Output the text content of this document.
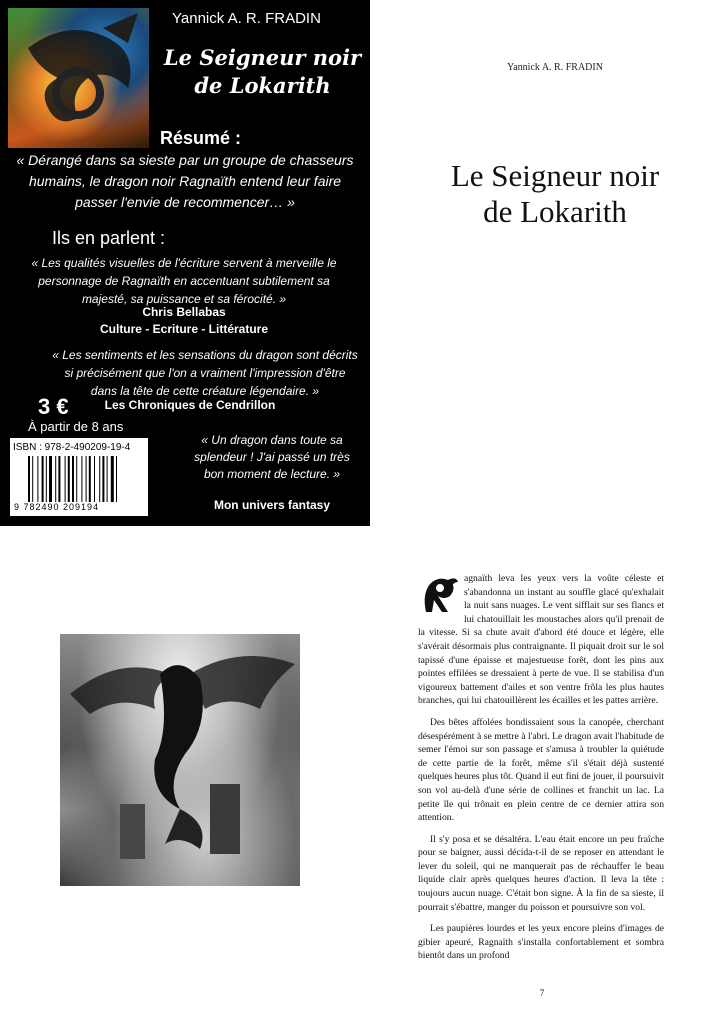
Yannick A. R. FRADIN
Le Seigneur noir
de Lokarith
Résumé :
« Dérangé dans sa sieste par un groupe de chasseurs humains, le dragon noir Ragnaïth entend leur faire passer l'envie de recommencer… »
Ils en parlent :
« Les qualités visuelles de l'écriture servent à merveille le personnage de Ragnaïth en accentuant subtilement sa majesté, sa puissance et sa férocité. »
Chris Bellabas
Culture - Ecriture - Littérature
« Les sentiments et les sensations du dragon sont décrits si précisément que l'on a vraiment l'impression d'être dans la tête de cette créature légendaire. »
Les Chroniques de Cendrillon
3 €
À partir de 8 ans
« Un dragon dans toute sa splendeur ! J'ai passé un très bon moment de lecture. »
Mon univers fantasy
ISBN : 978-2-490209-19-4
9 782490 209194
Yannick A. R. FRADIN
Le Seigneur noir
de Lokarith

agnaïth leva les yeux vers la voûte céleste et s'abandonna un instant au souffle glacé qu'exhalait la nuit sans nuages. Le vent sifflait sur ses flancs et lui chatouillait les moustaches alors qu'il prenait de la vitesse. Si sa chute avait d'abord été douce et légère, elle s'avérait désormais plus contraignante. Il piquait droit sur le sol tapissé d'une épaisse et majestueuse forêt, dont les pins aux pointes effilées se dressaient à perte de vue. Il se stabilisa d'un vigoureux battement d'ailes et son ventre frôla les plus hautes branches, qui lui chatouillèrent les écailles et les pattes arrière.

Des bêtes affolées bondissaient sous la canopée, cherchant désespérément à se mettre à l'abri. Le dragon avait l'habitude de semer l'émoi sur son passage et s'amusa à troubler la quiétude de cette partie de la forêt, même s'il s'était déjà sustenté quelques heures plus tôt. Quand il eut fini de jouer, il poursuivit son vol au-delà d'une série de collines et franchit un lac. La petite île qui trônait en plein centre de ce dernier attira son attention.

Il s'y posa et se désaltéra. L'eau était encore un peu fraîche pour se baigner, aussi décida-t-il de se reposer en attendant le lever du soleil, qui ne manquerait pas de réchauffer le beau liquide clair après quelques heures d'action. Il leva la tête : toujours aucun nuage. C'était bon signe. À la fin de sa sieste, il pourrait s'ébattre, manger du poisson et poursuivre son vol.

Les paupières lourdes et les yeux encore pleins d'images de gibier apeuré, Ragnaïth s'installa confortablement et sombra bientôt dans un profond

7
